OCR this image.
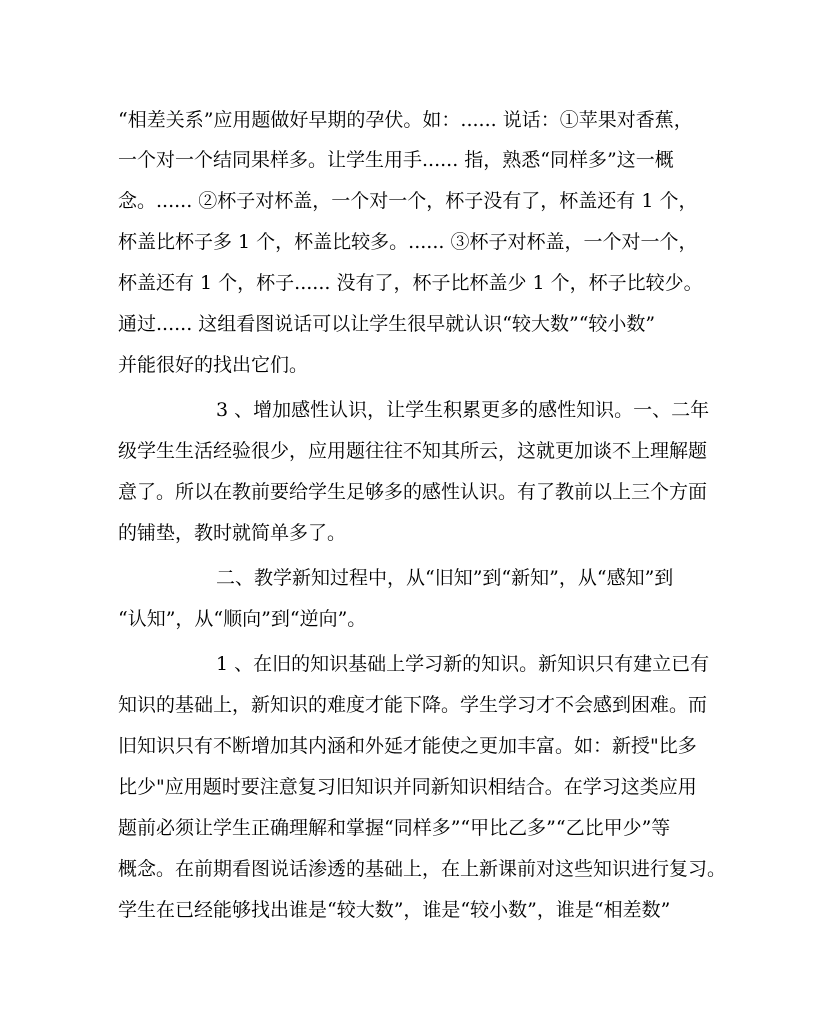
“相差关系”应用题做好早期的孕伏。如：...... 说话：①苹果对香蕉，
一个对一个结同果样多。让学生用手...... 指，熟悉“同样多”这一概
念。...... ②杯子对杯盖，一个对一个，杯子没有了，杯盖还有 1 个，
杯盖比杯子多 1 个，杯盖比较多。...... ③杯子对杯盖，一个对一个，
杯盖还有 1 个，杯子...... 没有了，杯子比杯盖少 1 个，杯子比较少。
通过...... 这组看图说话可以让学生很早就认识“较大数”“较小数”
并能很好的找出它们。
3 、增加感性认识，让学生积累更多的感性知识。一、二年
级学生生活经验很少，应用题往往不知其所云，这就更加谈不上理解题
意了。所以在教前要给学生足够多的感性认识。有了教前以上三个方面
的铺垫，教时就简单多了。
二、教学新知过程中，从“旧知”到“新知”，从“感知”到
“认知”，从“顺向”到“逆向”。
1 、在旧的知识基础上学习新的知识。新知识只有建立已有
知识的基础上，新知识的难度才能下降。学生学习才不会感到困难。而
旧知识只有不断增加其内涵和外延才能使之更加丰富。如：新授"比多
比少"应用题时要注意复习旧知识并同新知识相结合。在学习这类应用
题前必须让学生正确理解和掌握“同样多”“甲比乙多”“乙比甲少”等
概念。在前期看图说话渗透的基础上，在上新课前对这些知识进行复习。
学生在已经能够找出谁是“较大数”，谁是“较小数”，谁是“相差数”
